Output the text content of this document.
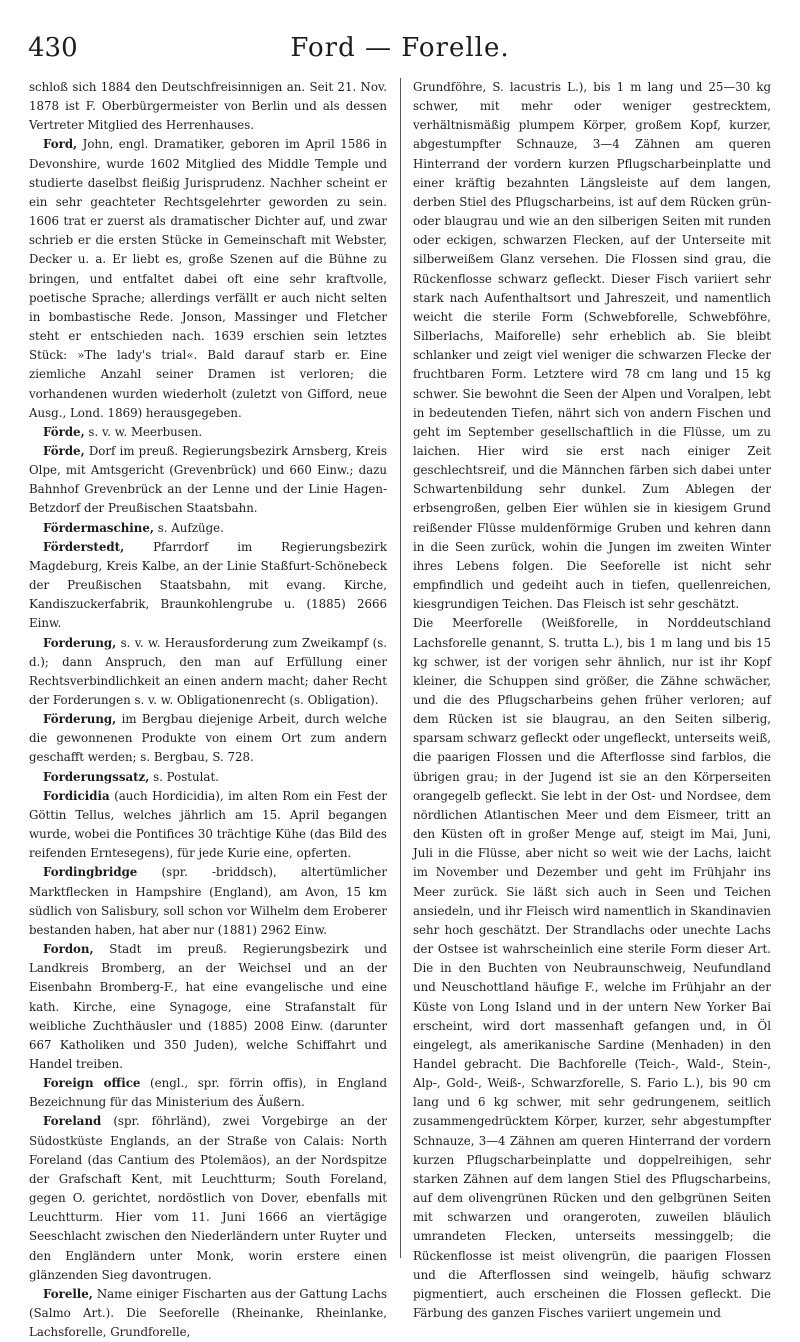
430	Ford — Forelle.

schloß sich 1884 den Deutschfreisinnigen an. Seit 21. Nov. 1878 ist F. Oberbürgermeister von Berlin und als dessen Vertreter Mitglied des Herrenhauses.

Ford, John, engl. Dramatiker, geboren im April 1586 in Devonshire, wurde 1602 Mitglied des Middle Temple und studierte daselbst fleißig Jurisprudenz. Nachher scheint er ein sehr geachteter Rechtsgelehrter geworden zu sein. 1606 trat er zuerst als dramatischer Dichter auf, und zwar schrieb er die ersten Stücke in Gemeinschaft mit Webster, Decker u. a. Er liebt es, große Szenen auf die Bühne zu bringen, und entfaltet dabei oft eine sehr kraftvolle, poetische Sprache; allerdings verfällt er auch nicht selten in bombastische Rede. Jonson, Massinger und Fletcher steht er entschieden nach. 1639 erschien sein letztes Stück: »The lady's trial«. Bald darauf starb er. Eine ziemliche Anzahl seiner Dramen ist verloren; die vorhandenen wurden wiederholt (zuletzt von Gifford, neue Ausg., Lond. 1869) herausgegeben.

Förde, s. v. w. Meerbusen.

Förde, Dorf im preuß. Regierungsbezirk Arnsberg, Kreis Olpe, mit Amtsgericht (Grevenbrück) und 660 Einw.; dazu Bahnhof Grevenbrück an der Lenne und der Linie Hagen-Betzdorf der Preußischen Staatsbahn.

Fördermaschine, s. Aufzüge.

Förderstedt, Pfarrdorf im Regierungsbezirk Magdeburg, Kreis Kalbe, an der Linie Staßfurt-Schönebeck der Preußischen Staatsbahn, mit evang. Kirche, Kandiszuckerfabrik, Braunkohlengrube u. (1885) 2666 Einw.

Forderung, s. v. w. Herausforderung zum Zweikampf (s. d.); dann Anspruch, den man auf Erfüllung einer Rechtsverbindlichkeit an einen andern macht; daher Recht der Forderungen s. v. w. Obligationenrecht (s. Obligation).

Förderung, im Bergbau diejenige Arbeit, durch welche die gewonnenen Produkte von einem Ort zum andern geschafft werden; s. Bergbau, S. 728.

Forderungssatz, s. Postulat.

Fordicidia (auch Hordicidia), im alten Rom ein Fest der Göttin Tellus, welches jährlich am 15. April begangen wurde, wobei die Pontifices 30 trächtige Kühe (das Bild des reifenden Erntesegens), für jede Kurie eine, opferten.

Fordingbridge (spr. -briddsch), altertümlicher Marktflecken in Hampshire (England), am Avon, 15 km südlich von Salisbury, soll schon vor Wilhelm dem Eroberer bestanden haben, hat aber nur (1881) 2962 Einw.

Fordon, Stadt im preuß. Regierungsbezirk und Landkreis Bromberg, an der Weichsel und an der Eisenbahn Bromberg-F., hat eine evangelische und eine kath. Kirche, eine Synagoge, eine Strafanstalt für weibliche Zuchthäusler und (1885) 2008 Einw. (darunter 667 Katholiken und 350 Juden), welche Schiffahrt und Handel treiben.

Foreign office (engl., spr. förrin offis), in England Bezeichnung für das Ministerium des Äußern.

Foreland (spr. föhrländ), zwei Vorgebirge an der Südostküste Englands, an der Straße von Calais: North Foreland (das Cantium des Ptolemäos), an der Nordspitze der Grafschaft Kent, mit Leuchtturm; South Foreland, gegen O. gerichtet, nordöstlich von Dover, ebenfalls mit Leuchtturm. Hier vom 11. Juni 1666 an viertägige Seeschlacht zwischen den Niederländern unter Ruyter und den Engländern unter Monk, worin erstere einen glänzenden Sieg davontrugen.

Forelle, Name einiger Fischarten aus der Gattung Lachs (Salmo Art.). Die Seeforelle (Rheinanke, Rheinlanke, Lachsforelle, Grundforelle,

Grundföhre, S. lacustris L.), bis 1 m lang und 25—30 kg schwer, mit mehr oder weniger gestrecktem, verhältnismäßig plumpem Körper, großem Kopf, kurzer, abgestumpfter Schnauze, 3—4 Zähnen am queren Hinterrand der vordern kurzen Pflugscharbeinplatte und einer kräftig bezahnten Längsleiste auf dem langen, derben Stiel des Pflugscharbeins, ist auf dem Rücken grün- oder blaugrau und wie an den silberigen Seiten mit runden oder eckigen, schwarzen Flecken, auf der Unterseite mit silberweißem Glanz versehen. Die Flossen sind grau, die Rückenflosse schwarz gefleckt. Dieser Fisch variiert sehr stark nach Aufenthaltsort und Jahreszeit, und namentlich weicht die sterile Form (Schwebforelle, Schwebföhre, Silberlachs, Maiforelle) sehr erheblich ab. Sie bleibt schlanker und zeigt viel weniger die schwarzen Flecke der fruchtbaren Form. Letztere wird 78 cm lang und 15 kg schwer. Sie bewohnt die Seen der Alpen und Voralpen, lebt in bedeutenden Tiefen, nährt sich von andern Fischen und geht im September gesellschaftlich in die Flüsse, um zu laichen. Hier wird sie erst nach einiger Zeit geschlechtsreif, und die Männchen färben sich dabei unter Schwartenbildung sehr dunkel. Zum Ablegen der erbsengroßen, gelben Eier wühlen sie in kiesigem Grund reißender Flüsse muldenförmige Gruben und kehren dann in die Seen zurück, wohin die Jungen im zweiten Winter ihres Lebens folgen. Die Seeforelle ist nicht sehr empfindlich und gedeiht auch in tiefen, quellenreichen, kiesgrundigen Teichen. Das Fleisch ist sehr geschätzt.

Die Meerforelle (Weißforelle, in Norddeutschland Lachsforelle genannt, S. trutta L.), bis 1 m lang und bis 15 kg schwer, ist der vorigen sehr ähnlich, nur ist ihr Kopf kleiner, die Schuppen sind größer, die Zähne schwächer, und die des Pflugscharbeins gehen früher verloren; auf dem Rücken ist sie blaugrau, an den Seiten silberig, sparsam schwarz gefleckt oder ungefleckt, unterseits weiß, die paarigen Flossen und die Afterflosse sind farblos, die übrigen grau; in der Jugend ist sie an den Körperseiten orangegelb gefleckt. Sie lebt in der Ost- und Nordsee, dem nördlichen Atlantischen Meer und dem Eismeer, tritt an den Küsten oft in großer Menge auf, steigt im Mai, Juni, Juli in die Flüsse, aber nicht so weit wie der Lachs, laicht im November und Dezember und geht im Frühjahr ins Meer zurück. Sie läßt sich auch in Seen und Teichen ansiedeln, und ihr Fleisch wird namentlich in Skandinavien sehr hoch geschätzt. Der Strandlachs oder unechte Lachs der Ostsee ist wahrscheinlich eine sterile Form dieser Art. Die in den Buchten von Neubraunschweig, Neufundland und Neuschottland häufige F., welche im Frühjahr an der Küste von Long Island und in der untern New Yorker Bai erscheint, wird dort massenhaft gefangen und, in Öl eingelegt, als amerikanische Sardine (Menhaden) in den Handel gebracht. Die Bachforelle (Teich-, Wald-, Stein-, Alp-, Gold-, Weiß-, Schwarzforelle, S. Fario L.), bis 90 cm lang und 6 kg schwer, mit sehr gedrungenem, seitlich zusammengedrücktem Körper, kurzer, sehr abgestumpfter Schnauze, 3—4 Zähnen am queren Hinterrand der vordern kurzen Pflugscharbeinplatte und doppelreihigen, sehr starken Zähnen auf dem langen Stiel des Pflugscharbeins, auf dem olivengrünen Rücken und den gelbgrünen Seiten mit schwarzen und orangeroten, zuweilen bläulich umrandeten Flecken, unterseits messinggelb; die Rückenflosse ist meist olivengrün, die paarigen Flossen und die Afterflossen sind weingelb, häufig schwarz pigmentiert, auch erscheinen die Flossen gefleckt. Die Färbung des ganzen Fisches variiert ungemein und
